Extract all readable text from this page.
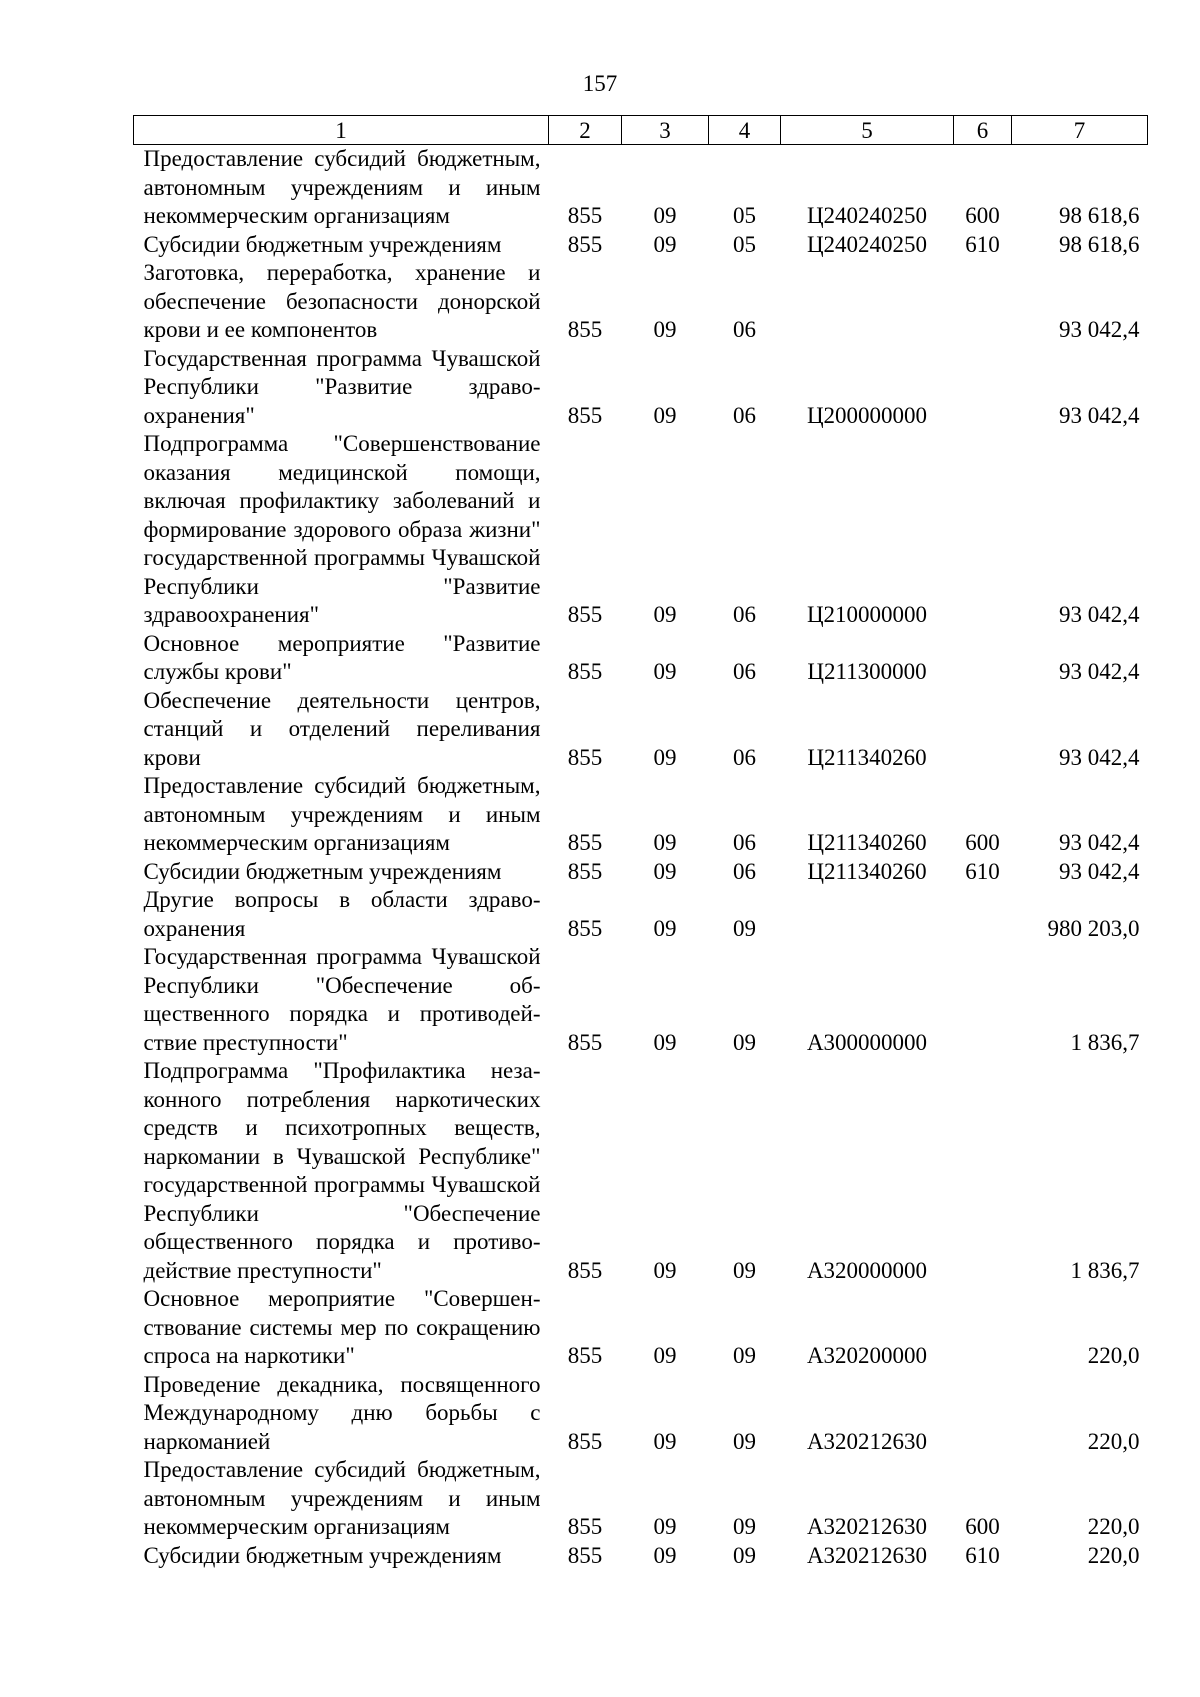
157
1	2	3	4	5	6	7
Предоставление субсидий бюджетным, автономным учреждениям и иным некоммерческим организациям	855	09	05	Ц240240250	600	98 618,6
Субсидии бюджетным учреждениям	855	09	05	Ц240240250	610	98 618,6
Заготовка, переработка, хранение и обеспечение безопасности донорской крови и ее компонентов	855	09	06			93 042,4
Государственная программа Чувашской Республики "Развитие здравоохранения"	855	09	06	Ц200000000		93 042,4
Подпрограмма "Совершенствование оказания медицинской помощи, включая профилактику заболеваний и формирование здорового образа жизни" государственной программы Чувашской Республики "Развитие здравоохранения"	855	09	06	Ц210000000		93 042,4
Основное мероприятие "Развитие службы крови"	855	09	06	Ц211300000		93 042,4
Обеспечение деятельности центров, станций и отделений переливания крови	855	09	06	Ц211340260		93 042,4
Предоставление субсидий бюджетным, автономным учреждениям и иным некоммерческим организациям	855	09	06	Ц211340260	600	93 042,4
Субсидии бюджетным учреждениям	855	09	06	Ц211340260	610	93 042,4
Другие вопросы в области здравоохранения	855	09	09			980 203,0
Государственная программа Чувашской Республики "Обеспечение общественного порядка и противодействие преступности"	855	09	09	А300000000		1 836,7
Подпрограмма "Профилактика незаконного потребления наркотических средств и психотропных веществ, наркомании в Чувашской Республике" государственной программы Чувашской Республики "Обеспечение общественного порядка и противодействие преступности"	855	09	09	А320000000		1 836,7
Основное мероприятие "Совершенствование системы мер по сокращению спроса на наркотики"	855	09	09	А320200000		220,0
Проведение декадника, посвященного Международному дню борьбы с наркоманией	855	09	09	А320212630		220,0
Предоставление субсидий бюджетным, автономным учреждениям и иным некоммерческим организациям	855	09	09	А320212630	600	220,0
Субсидии бюджетным учреждениям	855	09	09	А320212630	610	220,0
